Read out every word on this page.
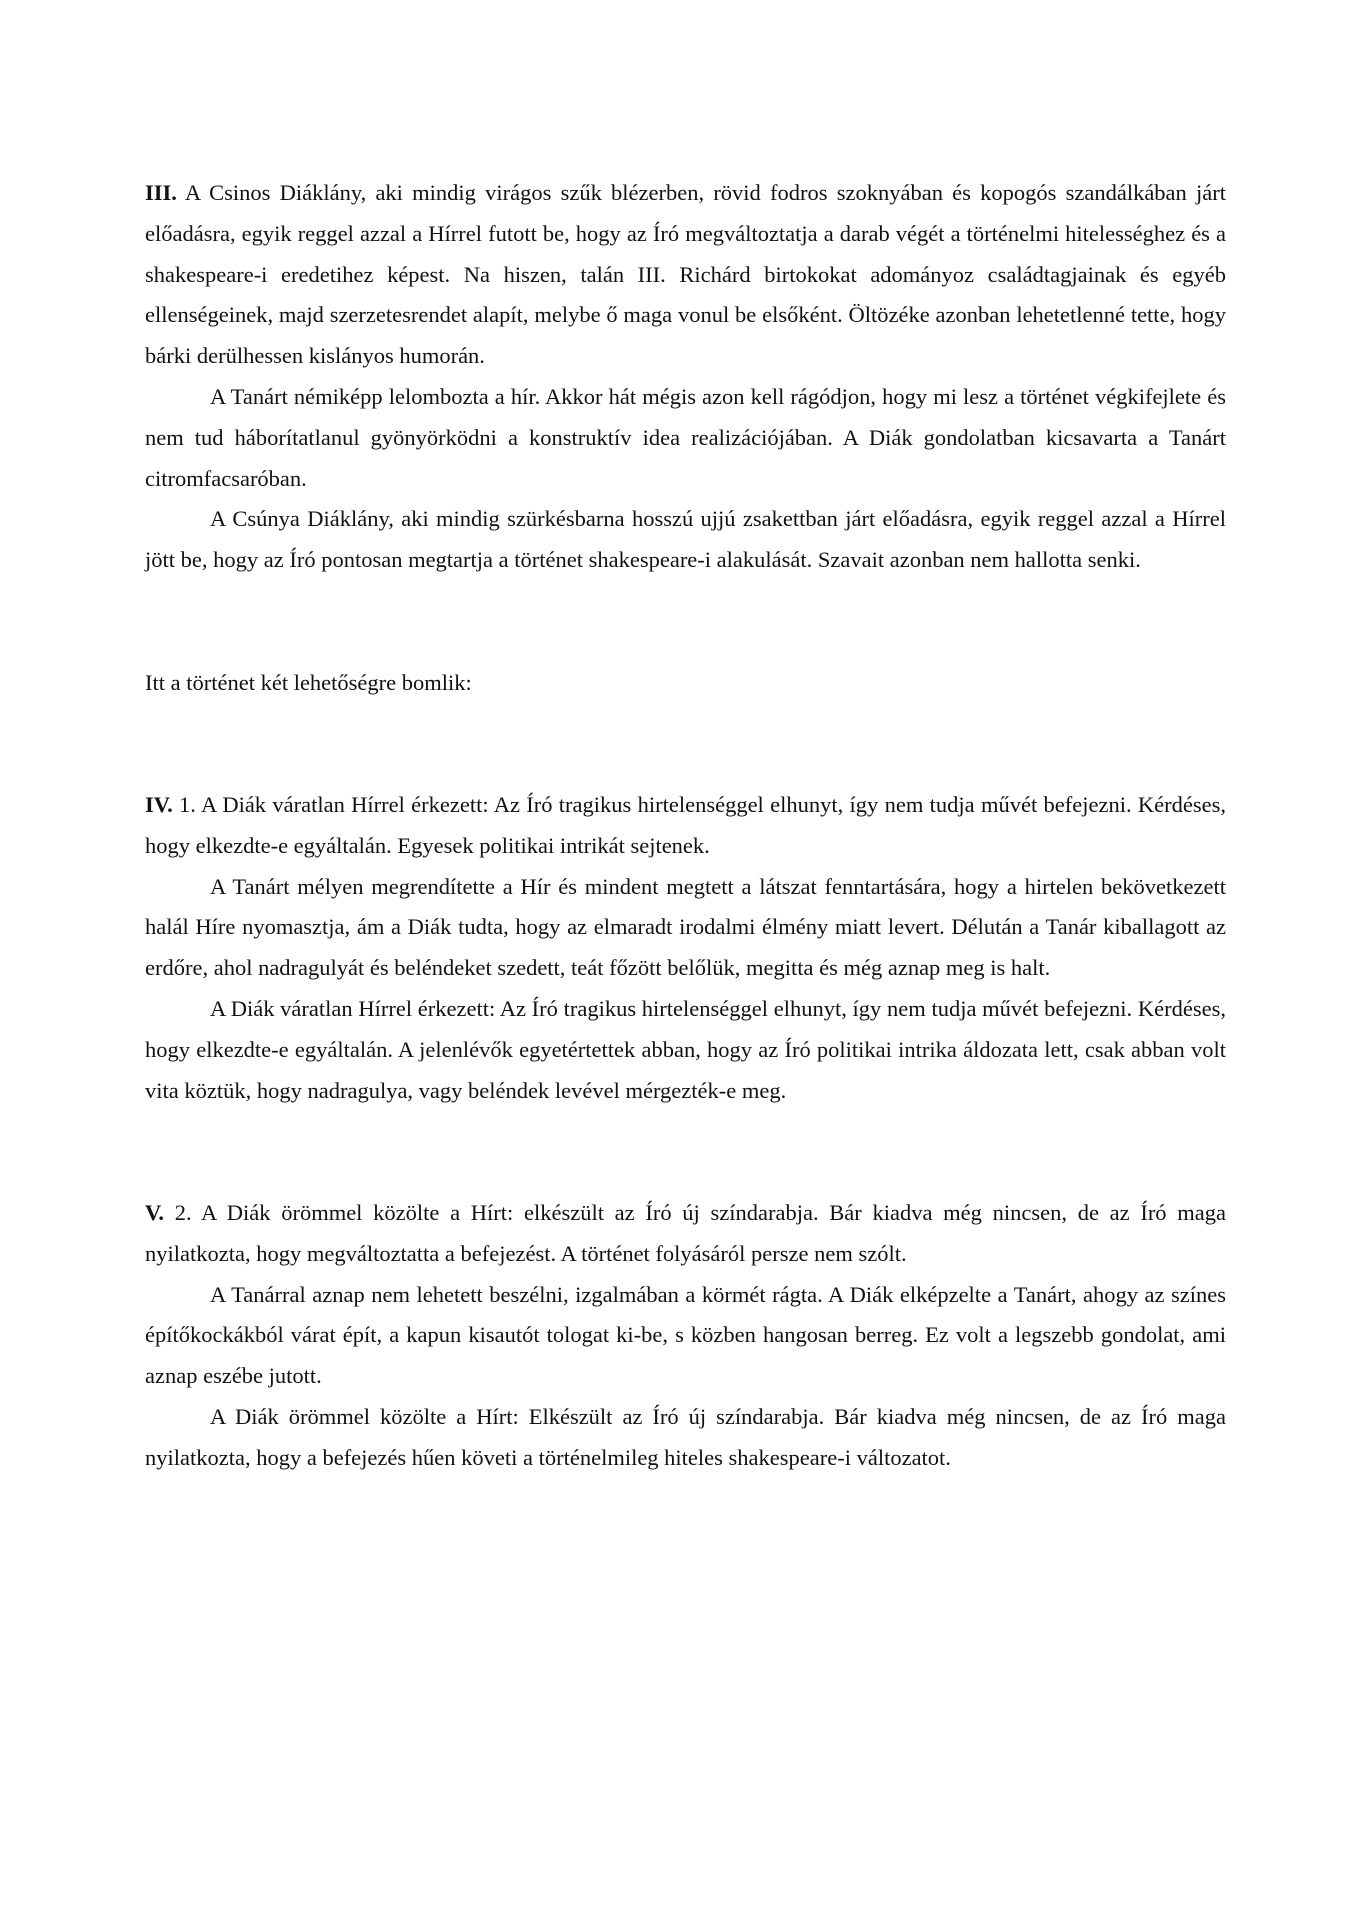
III. A Csinos Diáklány, aki mindig virágos szűk blézerben, rövid fodros szoknyában és kopogós szandálkában járt előadásra, egyik reggel azzal a Hírrel futott be, hogy az Író megváltoztatja a darab végét a történelmi hitelességhez és a shakespeare-i eredetihez képest. Na hiszen, talán III. Richárd birtokokat adományoz családtagjainak és egyéb ellenségeinek, majd szerzetesrendet alapít, melybe ő maga vonul be elsőként. Öltözéke azonban lehetetlenné tette, hogy bárki derülhessen kislányos humorán.

A Tanárt némiképp lelombozta a hír. Akkor hát mégis azon kell rágódjon, hogy mi lesz a történet végkifejlete és nem tud háborítatlanul gyönyörködni a konstruktív idea realizációjában. A Diák gondolatban kicsavarta a Tanárt citromfacsaróban.

A Csúnya Diáklány, aki mindig szürkésbarna hosszú ujjú zsakettban járt előadásra, egyik reggel azzal a Hírrel jött be, hogy az Író pontosan megtartja a történet shakespeare-i alakulását. Szavait azonban nem hallotta senki.

Itt a történet két lehetőségre bomlik:

IV. 1. A Diák váratlan Hírrel érkezett: Az Író tragikus hirtelenséggel elhunyt, így nem tudja művét befejezni. Kérdéses, hogy elkezdte-e egyáltalán. Egyesek politikai intrikát sejtenek.

A Tanárt mélyen megrendítette a Hír és mindent megtett a látszat fenntartására, hogy a hirtelen bekövetkezett halál Híre nyomasztja, ám a Diák tudta, hogy az elmaradt irodalmi élmény miatt levert. Délután a Tanár kiballagott az erdőre, ahol nadragulyát és beléndeket szedett, teát főzött belőlük, megitta és még aznap meg is halt.

A Diák váratlan Hírrel érkezett: Az Író tragikus hirtelenséggel elhunyt, így nem tudja művét befejezni. Kérdéses, hogy elkezdte-e egyáltalán. A jelenlévők egyetértettek abban, hogy az Író politikai intrika áldozata lett, csak abban volt vita köztük, hogy nadragulya, vagy beléndek levével mérgezték-e meg.

V. 2. A Diák örömmel közölte a Hírt: elkészült az Író új színdarabja. Bár kiadva még nincsen, de az Író maga nyilatkozta, hogy megváltoztatta a befejezést. A történet folyásáról persze nem szólt.

A Tanárral aznap nem lehetett beszélni, izgalmában a körmét rágta. A Diák elképzelte a Tanárt, ahogy az színes építőkockákból várat épít, a kapun kisautót tologat ki-be, s közben hangosan berreg. Ez volt a legszebb gondolat, ami aznap eszébe jutott.

A Diák örömmel közölte a Hírt: Elkészült az Író új színdarabja. Bár kiadva még nincsen, de az Író maga nyilatkozta, hogy a befejezés hűen követi a történelmileg hiteles shakespeare-i változatot.
